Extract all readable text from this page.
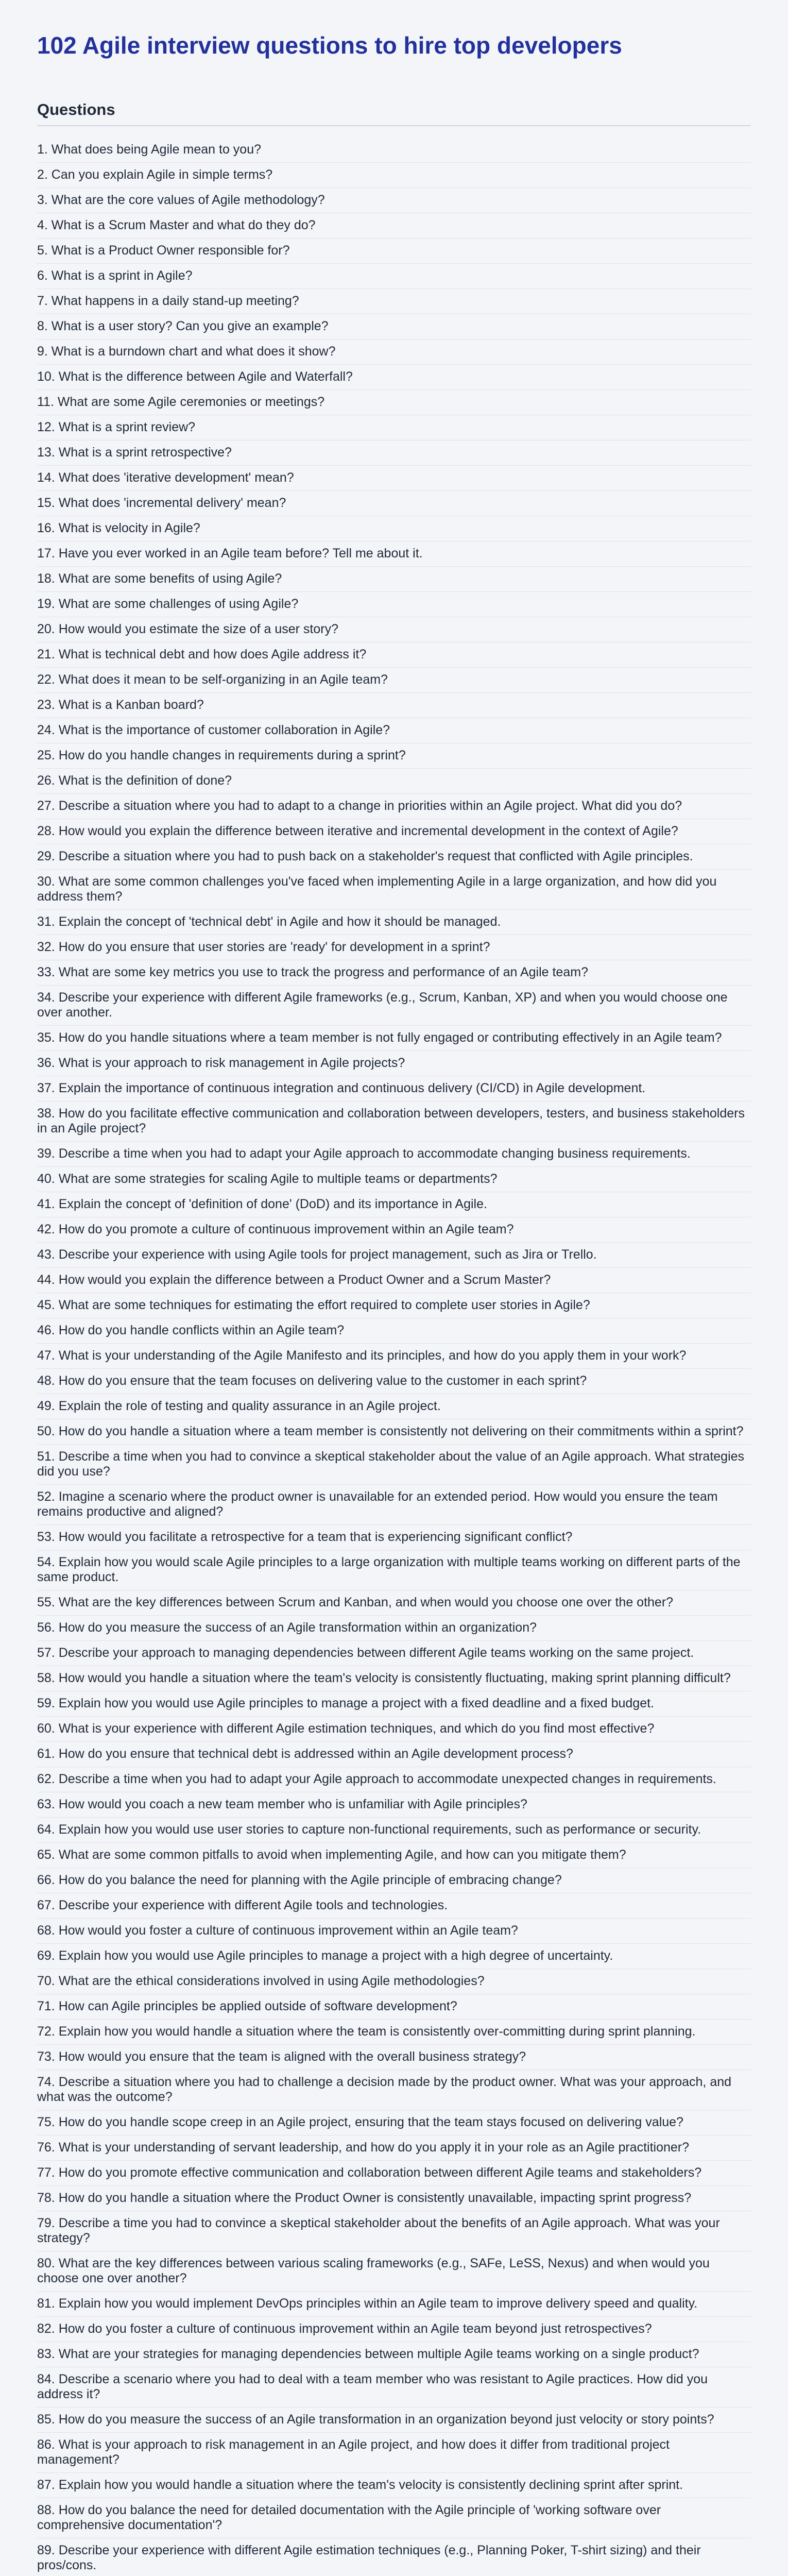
102 Agile interview questions to hire top developers
Questions
1. What does being Agile mean to you?
2. Can you explain Agile in simple terms?
3. What are the core values of Agile methodology?
4. What is a Scrum Master and what do they do?
5. What is a Product Owner responsible for?
6. What is a sprint in Agile?
7. What happens in a daily stand-up meeting?
8. What is a user story? Can you give an example?
9. What is a burndown chart and what does it show?
10. What is the difference between Agile and Waterfall?
11. What are some Agile ceremonies or meetings?
12. What is a sprint review?
13. What is a sprint retrospective?
14. What does 'iterative development' mean?
15. What does 'incremental delivery' mean?
16. What is velocity in Agile?
17. Have you ever worked in an Agile team before? Tell me about it.
18. What are some benefits of using Agile?
19. What are some challenges of using Agile?
20. How would you estimate the size of a user story?
21. What is technical debt and how does Agile address it?
22. What does it mean to be self-organizing in an Agile team?
23. What is a Kanban board?
24. What is the importance of customer collaboration in Agile?
25. How do you handle changes in requirements during a sprint?
26. What is the definition of done?
27. Describe a situation where you had to adapt to a change in priorities within an Agile project. What did you do?
28. How would you explain the difference between iterative and incremental development in the context of Agile?
29. Describe a situation where you had to push back on a stakeholder's request that conflicted with Agile principles.
30. What are some common challenges you've faced when implementing Agile in a large organization, and how did you address them?
31. Explain the concept of 'technical debt' in Agile and how it should be managed.
32. How do you ensure that user stories are 'ready' for development in a sprint?
33. What are some key metrics you use to track the progress and performance of an Agile team?
34. Describe your experience with different Agile frameworks (e.g., Scrum, Kanban, XP) and when you would choose one over another.
35. How do you handle situations where a team member is not fully engaged or contributing effectively in an Agile team?
36. What is your approach to risk management in Agile projects?
37. Explain the importance of continuous integration and continuous delivery (CI/CD) in Agile development.
38. How do you facilitate effective communication and collaboration between developers, testers, and business stakeholders in an Agile project?
39. Describe a time when you had to adapt your Agile approach to accommodate changing business requirements.
40. What are some strategies for scaling Agile to multiple teams or departments?
41. Explain the concept of 'definition of done' (DoD) and its importance in Agile.
42. How do you promote a culture of continuous improvement within an Agile team?
43. Describe your experience with using Agile tools for project management, such as Jira or Trello.
44. How would you explain the difference between a Product Owner and a Scrum Master?
45. What are some techniques for estimating the effort required to complete user stories in Agile?
46. How do you handle conflicts within an Agile team?
47. What is your understanding of the Agile Manifesto and its principles, and how do you apply them in your work?
48. How do you ensure that the team focuses on delivering value to the customer in each sprint?
49. Explain the role of testing and quality assurance in an Agile project.
50. How do you handle a situation where a team member is consistently not delivering on their commitments within a sprint?
51. Describe a time when you had to convince a skeptical stakeholder about the value of an Agile approach. What strategies did you use?
52. Imagine a scenario where the product owner is unavailable for an extended period. How would you ensure the team remains productive and aligned?
53. How would you facilitate a retrospective for a team that is experiencing significant conflict?
54. Explain how you would scale Agile principles to a large organization with multiple teams working on different parts of the same product.
55. What are the key differences between Scrum and Kanban, and when would you choose one over the other?
56. How do you measure the success of an Agile transformation within an organization?
57. Describe your approach to managing dependencies between different Agile teams working on the same project.
58. How would you handle a situation where the team's velocity is consistently fluctuating, making sprint planning difficult?
59. Explain how you would use Agile principles to manage a project with a fixed deadline and a fixed budget.
60. What is your experience with different Agile estimation techniques, and which do you find most effective?
61. How do you ensure that technical debt is addressed within an Agile development process?
62. Describe a time when you had to adapt your Agile approach to accommodate unexpected changes in requirements.
63. How would you coach a new team member who is unfamiliar with Agile principles?
64. Explain how you would use user stories to capture non-functional requirements, such as performance or security.
65. What are some common pitfalls to avoid when implementing Agile, and how can you mitigate them?
66. How do you balance the need for planning with the Agile principle of embracing change?
67. Describe your experience with different Agile tools and technologies.
68. How would you foster a culture of continuous improvement within an Agile team?
69. Explain how you would use Agile principles to manage a project with a high degree of uncertainty.
70. What are the ethical considerations involved in using Agile methodologies?
71. How can Agile principles be applied outside of software development?
72. Explain how you would handle a situation where the team is consistently over-committing during sprint planning.
73. How would you ensure that the team is aligned with the overall business strategy?
74. Describe a situation where you had to challenge a decision made by the product owner. What was your approach, and what was the outcome?
75. How do you handle scope creep in an Agile project, ensuring that the team stays focused on delivering value?
76. What is your understanding of servant leadership, and how do you apply it in your role as an Agile practitioner?
77. How do you promote effective communication and collaboration between different Agile teams and stakeholders?
78. How do you handle a situation where the Product Owner is consistently unavailable, impacting sprint progress?
79. Describe a time you had to convince a skeptical stakeholder about the benefits of an Agile approach. What was your strategy?
80. What are the key differences between various scaling frameworks (e.g., SAFe, LeSS, Nexus) and when would you choose one over another?
81. Explain how you would implement DevOps principles within an Agile team to improve delivery speed and quality.
82. How do you foster a culture of continuous improvement within an Agile team beyond just retrospectives?
83. What are your strategies for managing dependencies between multiple Agile teams working on a single product?
84. Describe a scenario where you had to deal with a team member who was resistant to Agile practices. How did you address it?
85. How do you measure the success of an Agile transformation in an organization beyond just velocity or story points?
86. What is your approach to risk management in an Agile project, and how does it differ from traditional project management?
87. Explain how you would handle a situation where the team's velocity is consistently declining sprint after sprint.
88. How do you balance the need for detailed documentation with the Agile principle of 'working software over comprehensive documentation'?
89. Describe your experience with different Agile estimation techniques (e.g., Planning Poker, T-shirt sizing) and their pros/cons.
